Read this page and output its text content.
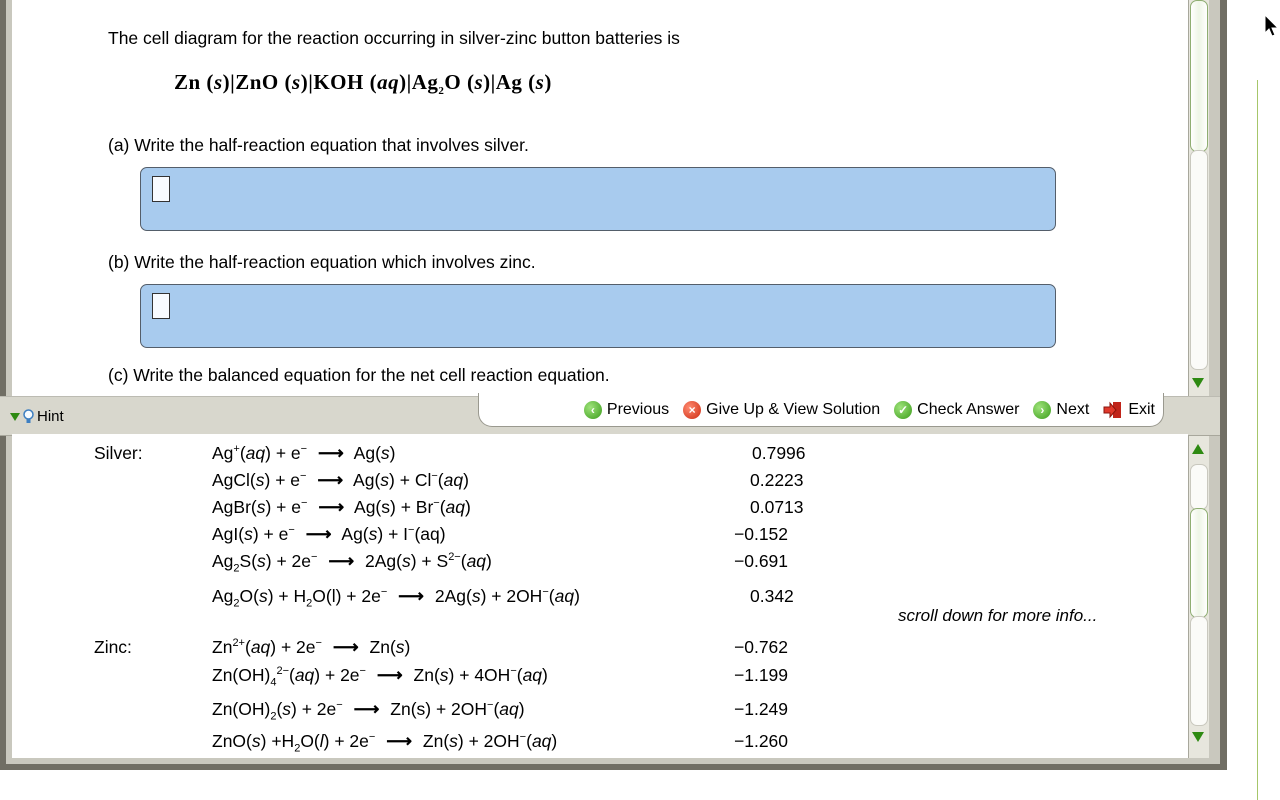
The cell diagram for the reaction occurring in silver-zinc button batteries is
Zn (s)|ZnO (s)|KOH $(aq)|Ag_2O$ (s)|Ag (s)
(a) Write the half-reaction equation that involves silver.
(b) Write the half-reaction equation which involves zinc.
(c) Write the balanced equation for the net cell reaction equation.
Hint	‹ Previous	× Give Up & View Solution	✓ Check Answer	› Next Exit
Silver:	Ag+(aq) + e− ⟶ Ag(s)	0.7996
AgCl(s) + e− ⟶ Ag(s) + Cl−(aq)	0.2223
AgBr(s) + e− ⟶ Ag(s) + Br−(aq)	0.0713
AgI(s) + e− ⟶ Ag(s) + I−(aq)	−0.152
$Ag_2S(s) + 2e^-$ ⟶ $2Ag(s) + S^{2-}(aq)$	−0.691
$Ag_2O(s) + H_2O(l) + 2e^-$ ⟶ 2Ag(s) + 2OH−(aq)	0.342
scroll down for more info...
Zinc:	$Zn^{2+}(aq) + 2e^-$ ⟶ Zn(s)	−0.762
$Zn(OH)_4^{2-}(aq) + 2e^-$ ⟶ Zn(s) + 4OH−(aq)	−1.199
$Zn(OH)_2(s) + 2e^-$ ⟶ Zn(s) + 2OH−(aq)	−1.249
$ZnO(s) +H_2O(l) + 2e^-$ ⟶ Zn(s) + 2OH−(aq)	−1.260
